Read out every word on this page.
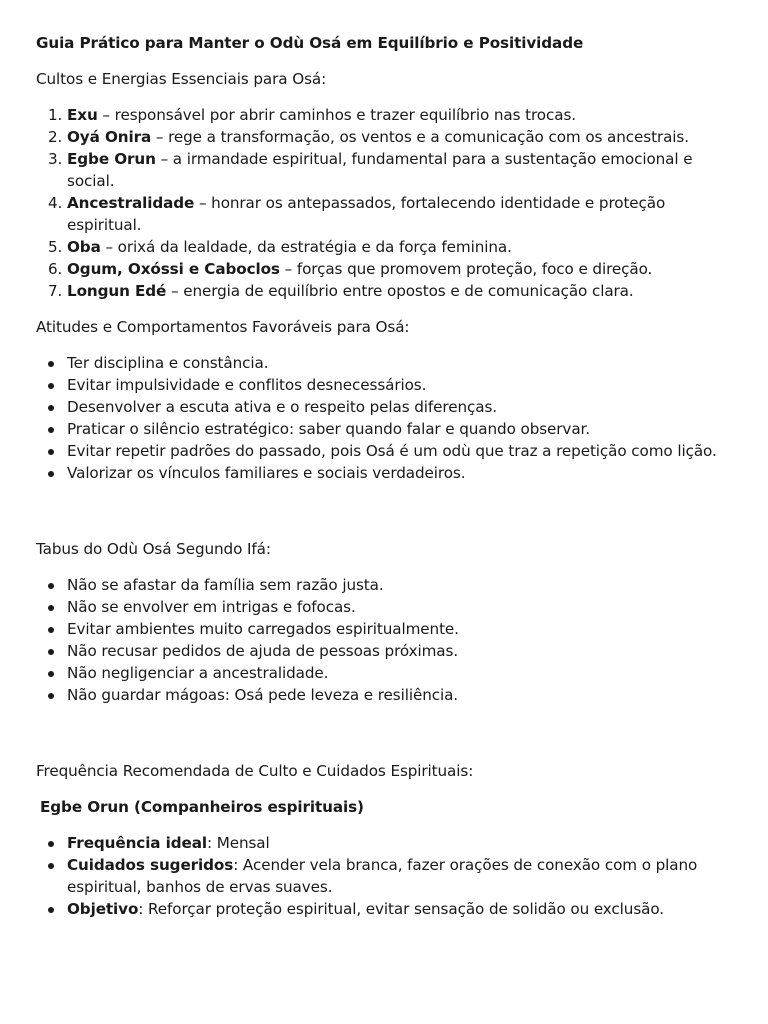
Guia Prático para Manter o Odù Osá em Equilíbrio e Positividade
Cultos e Energias Essenciais para Osá:
1. Exu – responsável por abrir caminhos e trazer equilíbrio nas trocas.
2. Oyá Onira – rege a transformação, os ventos e a comunicação com os ancestrais.
3. Egbe Orun – a irmandade espiritual, fundamental para a sustentação emocional e social.
4. Ancestralidade – honrar os antepassados, fortalecendo identidade e proteção espiritual.
5. Oba – orixá da lealdade, da estratégia e da força feminina.
6. Ogum, Oxóssi e Caboclos – forças que promovem proteção, foco e direção.
7. Longun Edé – energia de equilíbrio entre opostos e de comunicação clara.
Atitudes e Comportamentos Favoráveis para Osá:
Ter disciplina e constância.
Evitar impulsividade e conflitos desnecessários.
Desenvolver a escuta ativa e o respeito pelas diferenças.
Praticar o silêncio estratégico: saber quando falar e quando observar.
Evitar repetir padrões do passado, pois Osá é um odù que traz a repetição como lição.
Valorizar os vínculos familiares e sociais verdadeiros.
Tabus do Odù Osá Segundo Ifá:
Não se afastar da família sem razão justa.
Não se envolver em intrigas e fofocas.
Evitar ambientes muito carregados espiritualmente.
Não recusar pedidos de ajuda de pessoas próximas.
Não negligenciar a ancestralidade.
Não guardar mágoas: Osá pede leveza e resiliência.
Frequência Recomendada de Culto e Cuidados Espirituais:
Egbe Orun (Companheiros espirituais)
Frequência ideal: Mensal
Cuidados sugeridos: Acender vela branca, fazer orações de conexão com o plano espiritual, banhos de ervas suaves.
Objetivo: Reforçar proteção espiritual, evitar sensação de solidão ou exclusão.
